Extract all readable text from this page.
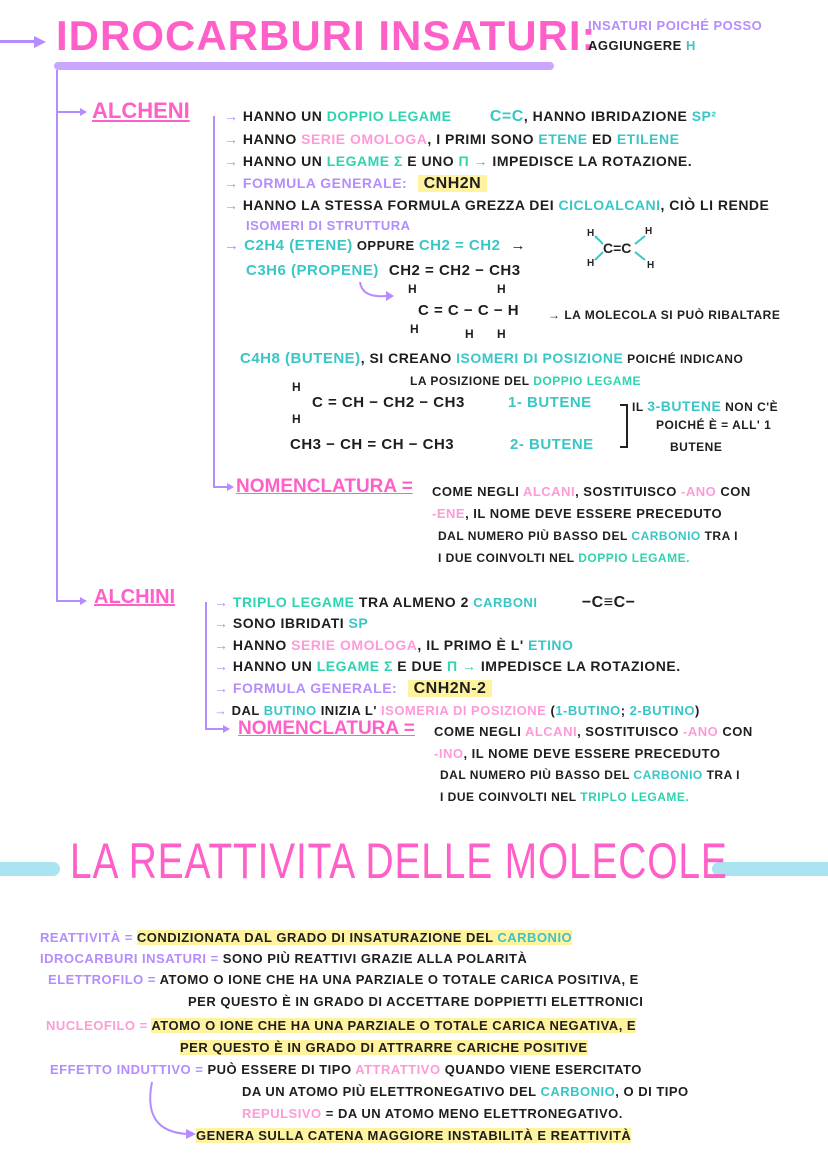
IDROCARBURI INSATURI:
INSATURI POICHÉ POSSO
AGGIUNGERE H
ALCHENI → HANNO UN DOPPIO LEGAME C=C, HANNO IBRIDAZIONE SP²
→ HANNO SERIE OMOLOGA, I PRIMI SONO ETENE ED ETILENE
→ HANNO UN LEGAME Σ E UNO Π → IMPEDISCE LA ROTAZIONE.
→ FORMULA GENERALE: CNH2N
→ HANNO LA STESSA FORMULA GREZZA DEI CICLOALCANI, CIÒ LI RENDE
ISOMERI DI STRUTTURA
→ C2H4 (ETENE) OPPURE CH2 = CH2 →
H
H
C=C
H
H
C3H6 (PROPENE) CH2 = CH2 − CH3
H	H
C = C − C − H
H	H H
→ LA MOLECOLA SI PUÒ RIBALTARE
C4H8 (BUTENE), SI CREANO ISOMERI DI POSIZIONE POICHÉ INDICANO
LA POSIZIONE DEL DOPPIO LEGAME
H
H
C = CH − CH2 − CH3	1- BUTENE
CH3 − CH = CH − CH3	2- BUTENE
IL 3-BUTENE NON C'È
POICHÉ È = ALL' 1
BUTENE
NOMENCLATURA = COME NEGLI ALCANI, SOSTITUISCO -ANO CON
-ENE, IL NOME DEVE ESSERE PRECEDUTO
DAL NUMERO PIÙ BASSO DEL CARBONIO TRA I
I DUE COINVOLTI NEL DOPPIO LEGAME.
ALCHINI	→ TRIPLO LEGAME TRA ALMENO 2 CARBONI	−C≡C−
→ SONO IBRIDATI SP
→ HANNO SERIE OMOLOGA, IL PRIMO È L' ETINO
→ HANNO UN LEGAME Σ E DUE Π → IMPEDISCE LA ROTAZIONE.
→ FORMULA GENERALE: CNH2N-2
→ DAL BUTINO INIZIA L' ISOMERIA DI POSIZIONE (1-BUTINO; 2-BUTINO)
NOMENCLATURA = COME NEGLI ALCANI, SOSTITUISCO -ANO CON
-INO, IL NOME DEVE ESSERE PRECEDUTO
DAL NUMERO PIÙ BASSO DEL CARBONIO TRA I
I DUE COINVOLTI NEL TRIPLO LEGAME.
LA REATTIVITA DELLE MOLECOLE
REATTIVITÀ = CONDIZIONATA DAL GRADO DI INSATURAZIONE DEL CARBONIO
IDROCARBURI INSATURI = SONO PIÙ REATTIVI GRAZIE ALLA POLARITÀ
ELETTROFILO = ATOMO O IONE CHE HA UNA PARZIALE O TOTALE CARICA POSITIVA, E
PER QUESTO È IN GRADO DI ACCETTARE DOPPIETTI ELETTRONICI
NUCLEOFILO = ATOMO O IONE CHE HA UNA PARZIALE O TOTALE CARICA NEGATIVA, E
PER QUESTO È IN GRADO DI ATTRARRE CARICHE POSITIVE
EFFETTO INDUTTIVO = PUÒ ESSERE DI TIPO ATTRATTIVO QUANDO VIENE ESERCITATO
DA UN ATOMO PIÙ ELETTRONEGATIVO DEL CARBONIO, O DI TIPO
REPULSIVO = DA UN ATOMO MENO ELETTRONEGATIVO.
GENERA SULLA CATENA MAGGIORE INSTABILITÀ E REATTIVITÀ
